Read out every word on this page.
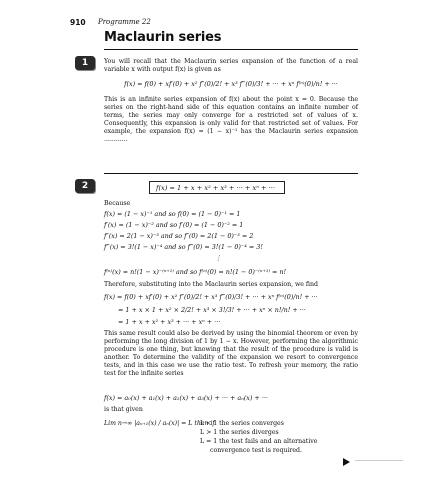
910 Programme 22
Maclaurin series
1	You will recall that the Maclaurin series expansion of the function of a real variable x with output f(x) is given as
f(x) = f(0) + xf′(0) + x² f″(0)/2! + x³ f‴(0)/3! + ··· + xⁿ f⁽ⁿ⁾(0)/n! + ···
This is an infinite series expansion of f(x) about the point x = 0. Because the series on the right-hand side of this equation contains an infinite number of terms, the series may only converge for a restricted set of values of x. Consequently, this expansion is only valid for that restricted set of values. For example, the expansion f(x) = (1 − x)⁻¹ has the Maclaurin series expansion ............
2	f(x) = 1 + x + x² + x³ + ··· + xⁿ + ···
Because
f(x) = (1 − x)⁻¹ and so f(0) = (1 − 0)⁻¹ = 1
f′(x) = (1 − x)⁻² and so f′(0) = (1 − 0)⁻² = 1
f″(x) = 2(1 − x)⁻³ and so f″(0) = 2(1 − 0)⁻³ = 2
f‴(x) = 3!(1 − x)⁻⁴ and so f‴(0) = 3!(1 − 0)⁻⁴ = 3!
⋮
f⁽ⁿ⁾(x) = n!(1 − x)⁻⁽ⁿ⁺¹⁾ and so f⁽ⁿ⁾(0) = n!(1 − 0)⁻⁽ⁿ⁺¹⁾ = n!
Therefore, substituting into the Maclaurin series expansion, we find
f(x) = f(0) + xf′(0) + x² f″(0)/2! + x³ f‴(0)/3! + ··· + xⁿ f⁽ⁿ⁾(0)/n! + ···
= 1 + x × 1 + x² × 2/2! + x³ × 3!/3! + ··· + xⁿ × n!/n! + ···
= 1 + x + x² + x³ + ··· + xⁿ + ···
This same result could also be derived by using the binomial theorem or even by performing the long division of 1 by 1 − x. However, performing the algorithmic procedure is one thing, but knowing that the result of the procedure is valid is another. To determine the validity of the expansion we resort to convergence tests, and in this case we use the ratio test. To refresh your memory, the ratio test for the infinite series
f(x) = a₀(x) + a₁(x) + a₂(x) + a₃(x) + ··· + aₙ(x) + ···
is that given
Lim n→∞ |aₙ₊₁(x) / aₙ(x)| = L then if
L < 1 the series converges
L > 1 the series diverges
L = 1 the test fails and an alternative
convergence test is required.
